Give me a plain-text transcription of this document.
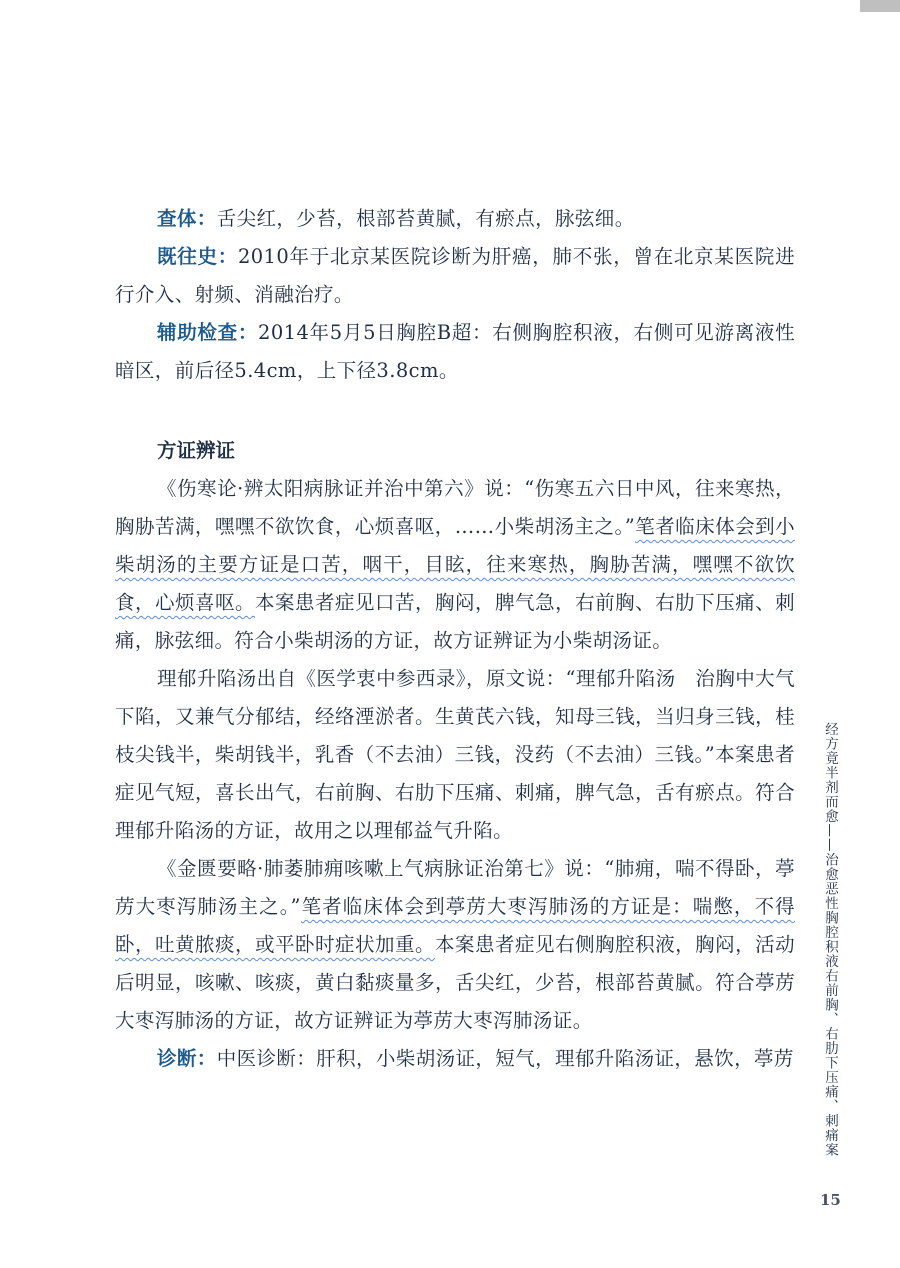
查体：舌尖红，少苔，根部苔黄腻，有瘀点，脉弦细。

既往史：2010年于北京某医院诊断为肝癌，肺不张，曾在北京某医院进行介入、射频、消融治疗。

辅助检查：2014年5月5日胸腔B超：右侧胸腔积液，右侧可见游离液性暗区，前后径5.4cm，上下径3.8cm。

方证辨证

《伤寒论·辨太阳病脉证并治中第六》说：“伤寒五六日中风，往来寒热，胸胁苦满，嘿嘿不欲饮食，心烦喜呕，……小柴胡汤主之。”笔者临床体会到小柴胡汤的主要方证是口苦，咽干，目眩，往来寒热，胸胁苦满，嘿嘿不欲饮食，心烦喜呕。本案患者症见口苦，胸闷，脾气急，右前胸、右肋下压痛、刺痛，脉弦细。符合小柴胡汤的方证，故方证辨证为小柴胡汤证。

理郁升陷汤出自《医学衷中参西录》，原文说：“理郁升陷汤　治胸中大气下陷，又兼气分郁结，经络湮淤者。生黄芪六钱，知母三钱，当归身三钱，桂枝尖钱半，柴胡钱半，乳香（不去油）三钱，没药（不去油）三钱。”本案患者症见气短，喜长出气，右前胸、右肋下压痛、刺痛，脾气急，舌有瘀点。符合理郁升陷汤的方证，故用之以理郁益气升陷。

《金匮要略·肺萎肺痈咳嗽上气病脉证治第七》说：“肺痈，喘不得卧，葶苈大枣泻肺汤主之。”笔者临床体会到葶苈大枣泻肺汤的方证是：喘憋，不得卧，吐黄脓痰，或平卧时症状加重。本案患者症见右侧胸腔积液，胸闷，活动后明显，咳嗽、咳痰，黄白黏痰量多，舌尖红，少苔，根部苔黄腻。符合葶苈大枣泻肺汤的方证，故方证辨证为葶苈大枣泻肺汤证。

诊断：中医诊断：肝积，小柴胡汤证，短气，理郁升陷汤证，悬饮，葶苈 经方竟半剂而愈——治愈恶性胸腔积液右前胸、右肋下压痛、刺痛案
15
